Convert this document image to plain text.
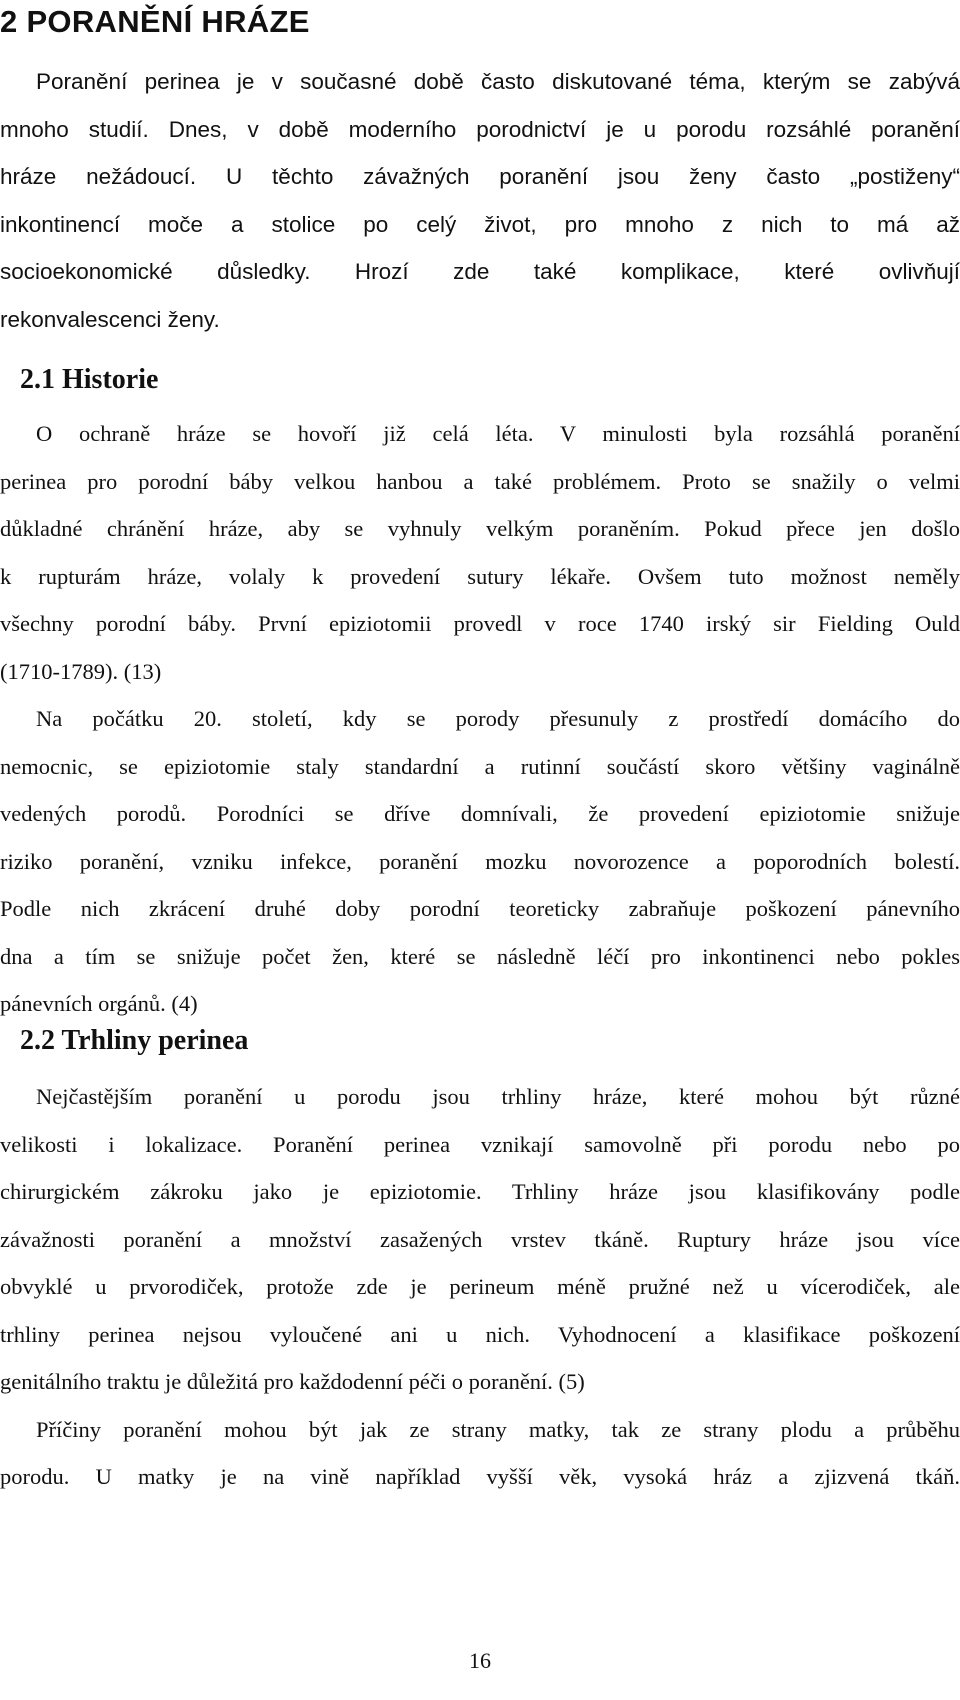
2 PORANĚNÍ HRÁZE
Poranění perinea je v současné době často diskutované téma, kterým se zabývá
mnoho studií. Dnes, v době moderního porodnictví je u porodu rozsáhlé poranění
hráze nežádoucí. U těchto závažných poranění jsou ženy často „postiženy“
inkontinencí moče a stolice po celý život, pro mnoho z nich to má až
socioekonomické důsledky. Hrozí zde také komplikace, které ovlivňují
rekonvalescenci ženy.
2.1 Historie
O ochraně hráze se hovoří již celá léta. V minulosti byla rozsáhlá poranění
perinea pro porodní báby velkou hanbou a také problémem. Proto se snažily o velmi
důkladné chránění hráze, aby se vyhnuly velkým poraněním. Pokud přece jen došlo
k rupturám hráze, volaly k provedení sutury lékaře. Ovšem tuto možnost neměly
všechny porodní báby. První epiziotomii provedl v roce 1740 irský sir Fielding Ould
(1710-1789). (13)
Na počátku 20. století, kdy se porody přesunuly z prostředí domácího do
nemocnic, se epiziotomie staly standardní a rutinní součástí skoro většiny vaginálně
vedených porodů. Porodníci se dříve domnívali, že provedení epiziotomie snižuje
riziko poranění, vzniku infekce, poranění mozku novorozence a poporodních bolestí.
Podle nich zkrácení druhé doby porodní teoreticky zabraňuje poškození pánevního
dna a tím se snižuje počet žen, které se následně léčí pro inkontinenci nebo pokles
pánevních orgánů. (4)
2.2 Trhliny perinea
Nejčastějším poranění u porodu jsou trhliny hráze, které mohou být různé
velikosti i lokalizace. Poranění perinea vznikají samovolně při porodu nebo po
chirurgickém zákroku jako je epiziotomie. Trhliny hráze jsou klasifikovány podle
závažnosti poranění a množství zasažených vrstev tkáně. Ruptury hráze jsou více
obvyklé u prvorodiček, protože zde je perineum méně pružné než u vícerodiček, ale
trhliny perinea nejsou vyloučené ani u nich. Vyhodnocení a klasifikace poškození
genitálního traktu je důležitá pro každodenní péči o poranění. (5)
Příčiny poranění mohou být jak ze strany matky, tak ze strany plodu a průběhu
porodu. U matky je na vině například vyšší věk, vysoká hráz a zjizvená tkáň.
16
